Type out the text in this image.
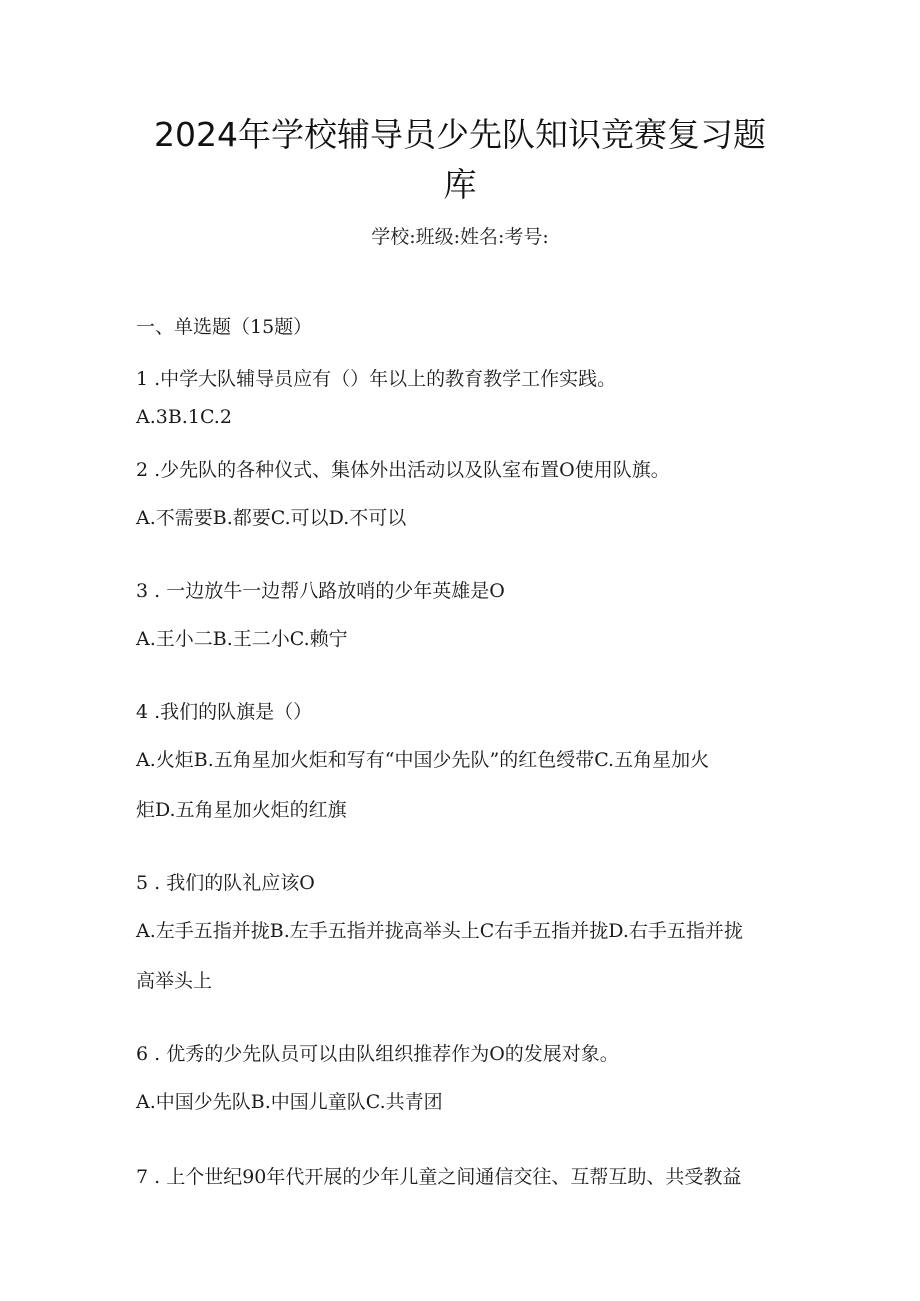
2024年学校辅导员少先队知识竞赛复习题
库
学校:班级:姓名:考号:
一、单选题（15题）
1 .中学大队辅导员应有（）年以上的教育教学工作实践。
A.3B.1C.2
2 .少先队的各种仪式、集体外出活动以及队室布置O使用队旗。
A.不需要B.都要C.可以D.不可以
3 . 一边放牛一边帮八路放哨的少年英雄是O
A.王小二B.王二小C.赖宁
4 .我们的队旗是（）
A.火炬B.五角星加火炬和写有“中国少先队”的红色绶带C.五角星加火
炬D.五角星加火炬的红旗
5 . 我们的队礼应该O
A.左手五指并拢B.左手五指并拢高举头上C右手五指并拢D.右手五指并拢
高举头上
6 . 优秀的少先队员可以由队组织推荐作为O的发展对象。
A.中国少先队B.中国儿童队C.共青团
7 . 上个世纪90年代开展的少年儿童之间通信交往、互帮互助、共受教益
